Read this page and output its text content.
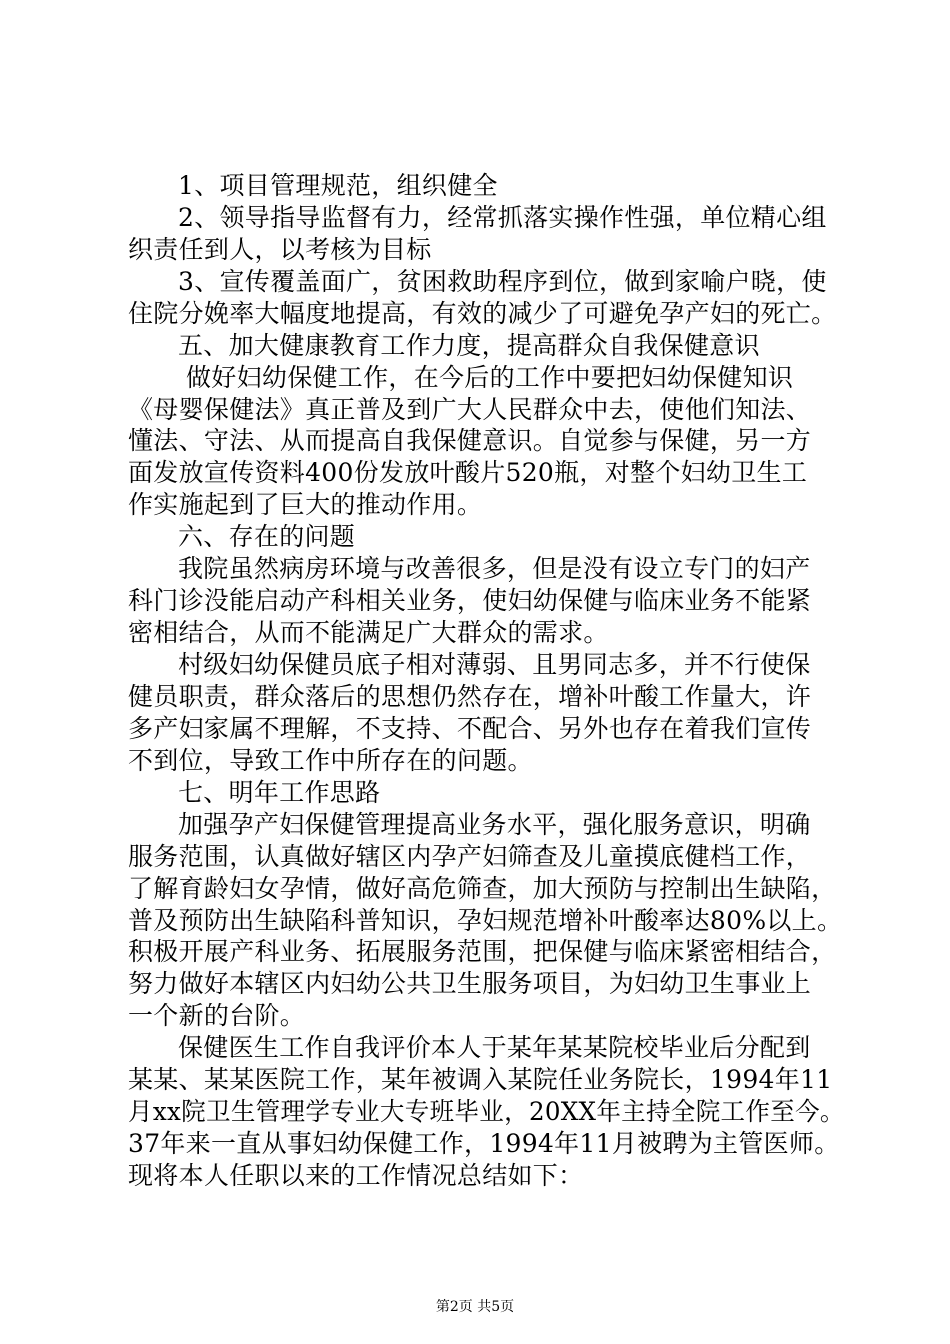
1、项目管理规范，组织健全
2、领导指导监督有力，经常抓落实操作性强，单位精心组
织责任到人，以考核为目标
3、宣传覆盖面广，贫困救助程序到位，做到家喻户晓，使
住院分娩率大幅度地提高，有效的减少了可避免孕产妇的死亡。
五、加大健康教育工作力度，提高群众自我保健意识
做好妇幼保健工作，在今后的工作中要把妇幼保健知识
《母婴保健法》真正普及到广大人民群众中去，使他们知法、
懂法、守法、从而提高自我保健意识。自觉参与保健，另一方
面发放宣传资料400份发放叶酸片520瓶，对整个妇幼卫生工
作实施起到了巨大的推动作用。
六、存在的问题
我院虽然病房环境与改善很多，但是没有设立专门的妇产
科门诊没能启动产科相关业务，使妇幼保健与临床业务不能紧
密相结合，从而不能满足广大群众的需求。
村级妇幼保健员底子相对薄弱、且男同志多，并不行使保
健员职责，群众落后的思想仍然存在，增补叶酸工作量大，许
多产妇家属不理解，不支持、不配合、另外也存在着我们宣传
不到位，导致工作中所存在的问题。
七、明年工作思路
加强孕产妇保健管理提高业务水平，强化服务意识，明确
服务范围，认真做好辖区内孕产妇筛查及儿童摸底健档工作，
了解育龄妇女孕情，做好高危筛查，加大预防与控制出生缺陷，
普及预防出生缺陷科普知识，孕妇规范增补叶酸率达80%以上。
积极开展产科业务、拓展服务范围，把保健与临床紧密相结合，
努力做好本辖区内妇幼公共卫生服务项目，为妇幼卫生事业上
一个新的台阶。
保健医生工作自我评价本人于某年某某院校毕业后分配到
某某、某某医院工作，某年被调入某院任业务院长，1994年11
月xx院卫生管理学专业大专班毕业，20XX年主持全院工作至今。
37年来一直从事妇幼保健工作，1994年11月被聘为主管医师。
现将本人任职以来的工作情况总结如下：
第2页 共5页
